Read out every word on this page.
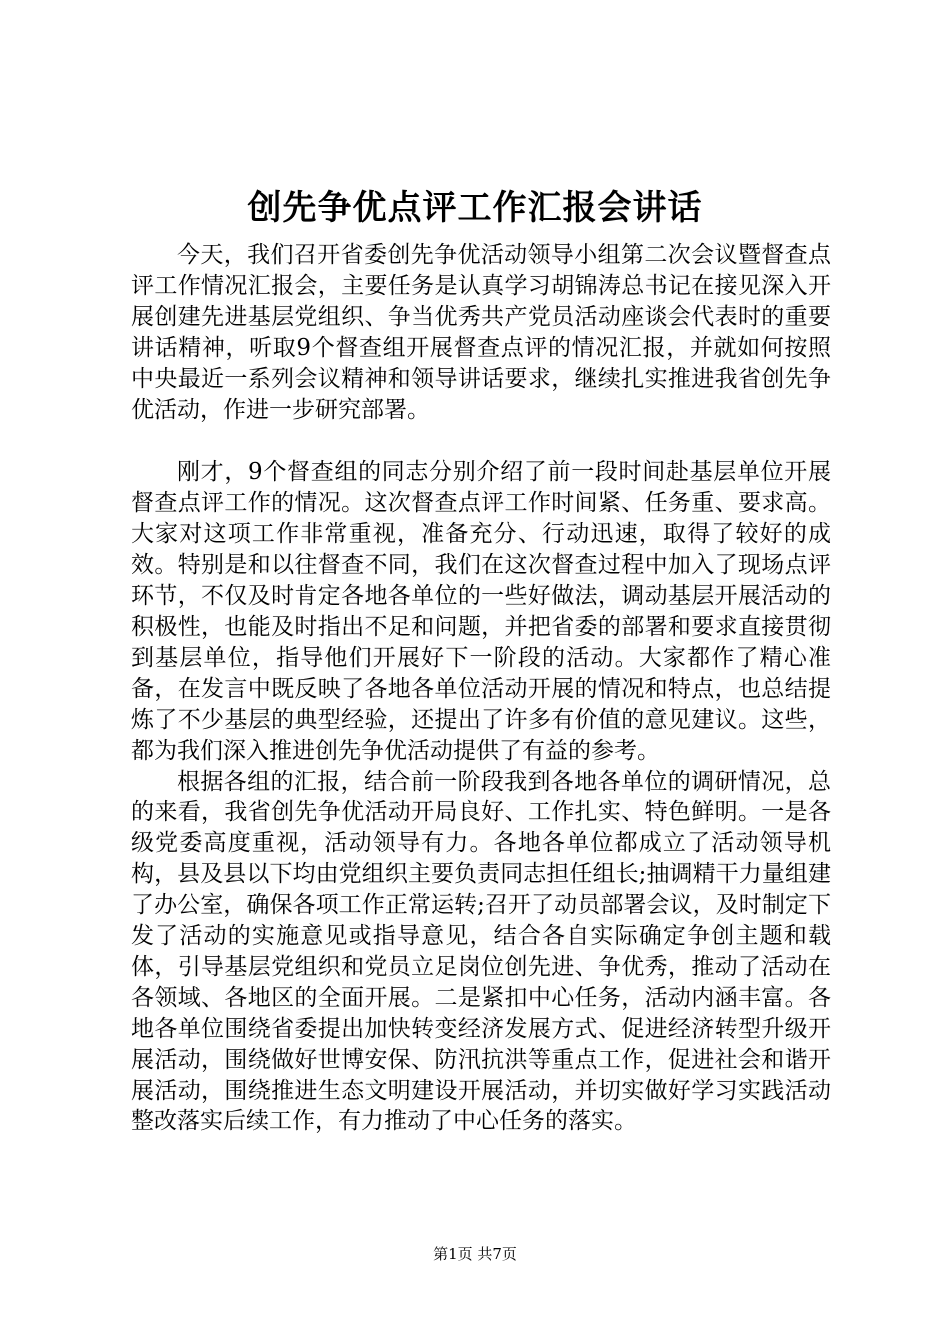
创先争优点评工作汇报会讲话

今天，我们召开省委创先争优活动领导小组第二次会议暨督查点评工作情况汇报会，主要任务是认真学习胡锦涛总书记在接见深入开展创建先进基层党组织、争当优秀共产党员活动座谈会代表时的重要讲话精神，听取9个督查组开展督查点评的情况汇报，并就如何按照中央最近一系列会议精神和领导讲话要求，继续扎实推进我省创先争优活动，作进一步研究部署。

刚才，9个督查组的同志分别介绍了前一段时间赴基层单位开展督查点评工作的情况。这次督查点评工作时间紧、任务重、要求高。大家对这项工作非常重视，准备充分、行动迅速，取得了较好的成效。特别是和以往督查不同，我们在这次督查过程中加入了现场点评环节，不仅及时肯定各地各单位的一些好做法，调动基层开展活动的积极性，也能及时指出不足和问题，并把省委的部署和要求直接贯彻到基层单位，指导他们开展好下一阶段的活动。大家都作了精心准备，在发言中既反映了各地各单位活动开展的情况和特点，也总结提炼了不少基层的典型经验，还提出了许多有价值的意见建议。这些，都为我们深入推进创先争优活动提供了有益的参考。

根据各组的汇报，结合前一阶段我到各地各单位的调研情况，总的来看，我省创先争优活动开局良好、工作扎实、特色鲜明。一是各级党委高度重视，活动领导有力。各地各单位都成立了活动领导机构，县及县以下均由党组织主要负责同志担任组长;抽调精干力量组建了办公室，确保各项工作正常运转;召开了动员部署会议，及时制定下发了活动的实施意见或指导意见，结合各自实际确定争创主题和载体，引导基层党组织和党员立足岗位创先进、争优秀，推动了活动在各领域、各地区的全面开展。二是紧扣中心任务，活动内涵丰富。各地各单位围绕省委提出加快转变经济发展方式、促进经济转型升级开展活动，围绕做好世博安保、防汛抗洪等重点工作，促进社会和谐开展活动，围绕推进生态文明建设开展活动，并切实做好学习实践活动整改落实后续工作，有力推动了中心任务的落实。

第1页 共7页
